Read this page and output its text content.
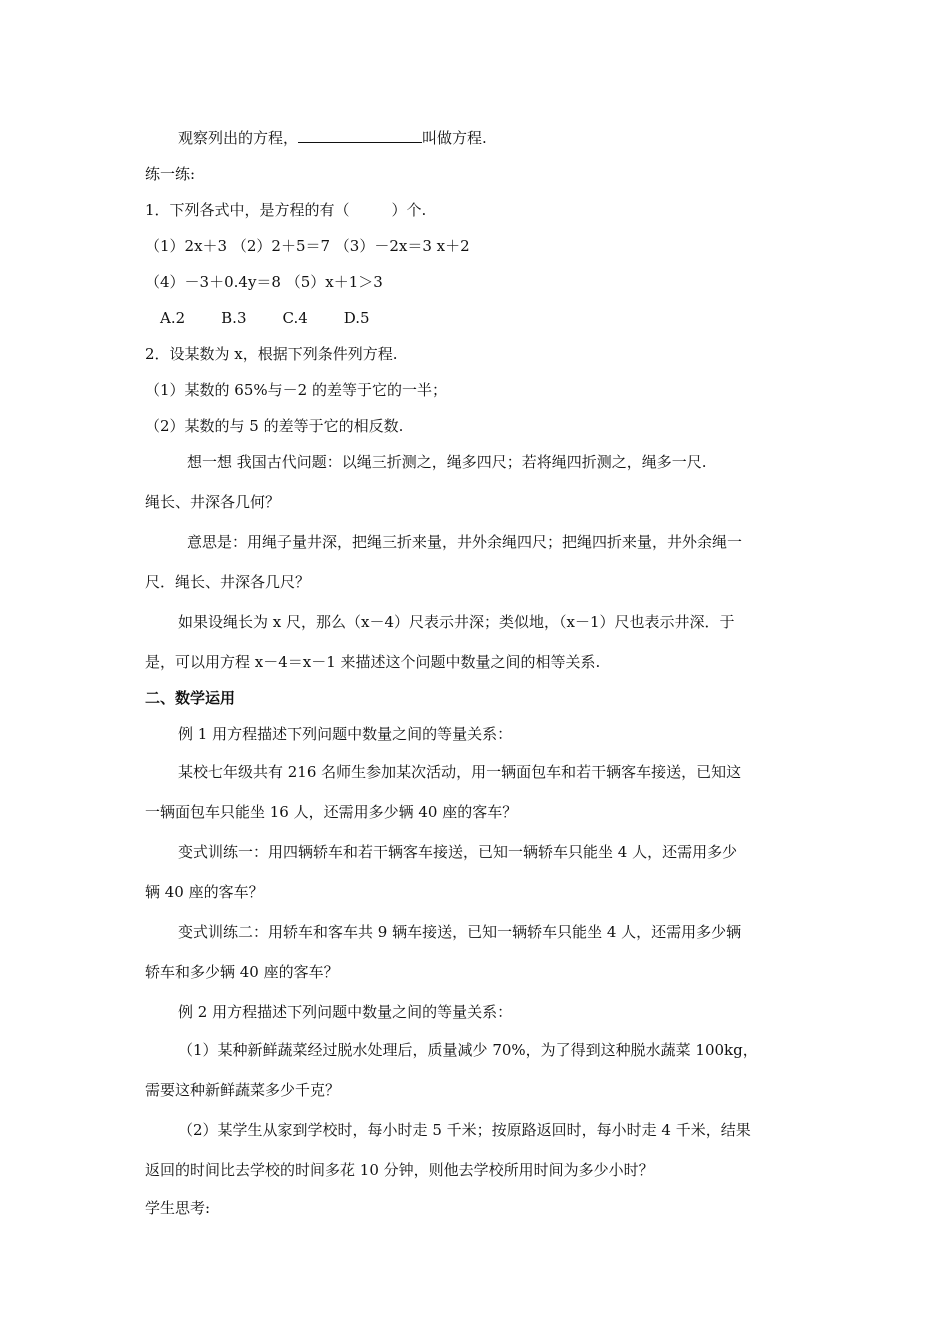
观察列出的方程，	叫做方程.
练一练:
1．下列各式中，是方程的有（	）个.
（1）2x＋3 （2）2＋5＝7 （3）－2x＝3 x＋2
（4）－3＋0.4y＝8 （5）x＋1＞3
A.2 B.3 C.4 D.5
2．设某数为 x，根据下列条件列方程.
（1）某数的 65%与－2 的差等于它的一半；
（2）某数的与 5 的差等于它的相反数.
想一想 我国古代问题：以绳三折测之，绳多四尺；若将绳四折测之，绳多一尺.
绳长、井深各几何？
意思是：用绳子量井深，把绳三折来量，井外余绳四尺；把绳四折来量，井外余绳一
尺．绳长、井深各几尺？
如果设绳长为 x 尺，那么（x－4）尺表示井深；类似地，（x－1）尺也表示井深．于
是，可以用方程 x－4＝x－1 来描述这个问题中数量之间的相等关系.
二、数学运用
例 1 用方程描述下列问题中数量之间的等量关系：
某校七年级共有 216 名师生参加某次活动，用一辆面包车和若干辆客车接送，已知这
一辆面包车只能坐 16 人，还需用多少辆 40 座的客车？
变式训练一：用四辆轿车和若干辆客车接送，已知一辆轿车只能坐 4 人，还需用多少
辆 40 座的客车？
变式训练二：用轿车和客车共 9 辆车接送，已知一辆轿车只能坐 4 人，还需用多少辆
轿车和多少辆 40 座的客车？
例 2 用方程描述下列问题中数量之间的等量关系：
（1）某种新鲜蔬菜经过脱水处理后，质量减少 70%，为了得到这种脱水蔬菜 100kg，
需要这种新鲜蔬菜多少千克？
（2）某学生从家到学校时，每小时走 5 千米；按原路返回时，每小时走 4 千米，结果
返回的时间比去学校的时间多花 10 分钟，则他去学校所用时间为多少小时？
学生思考:
